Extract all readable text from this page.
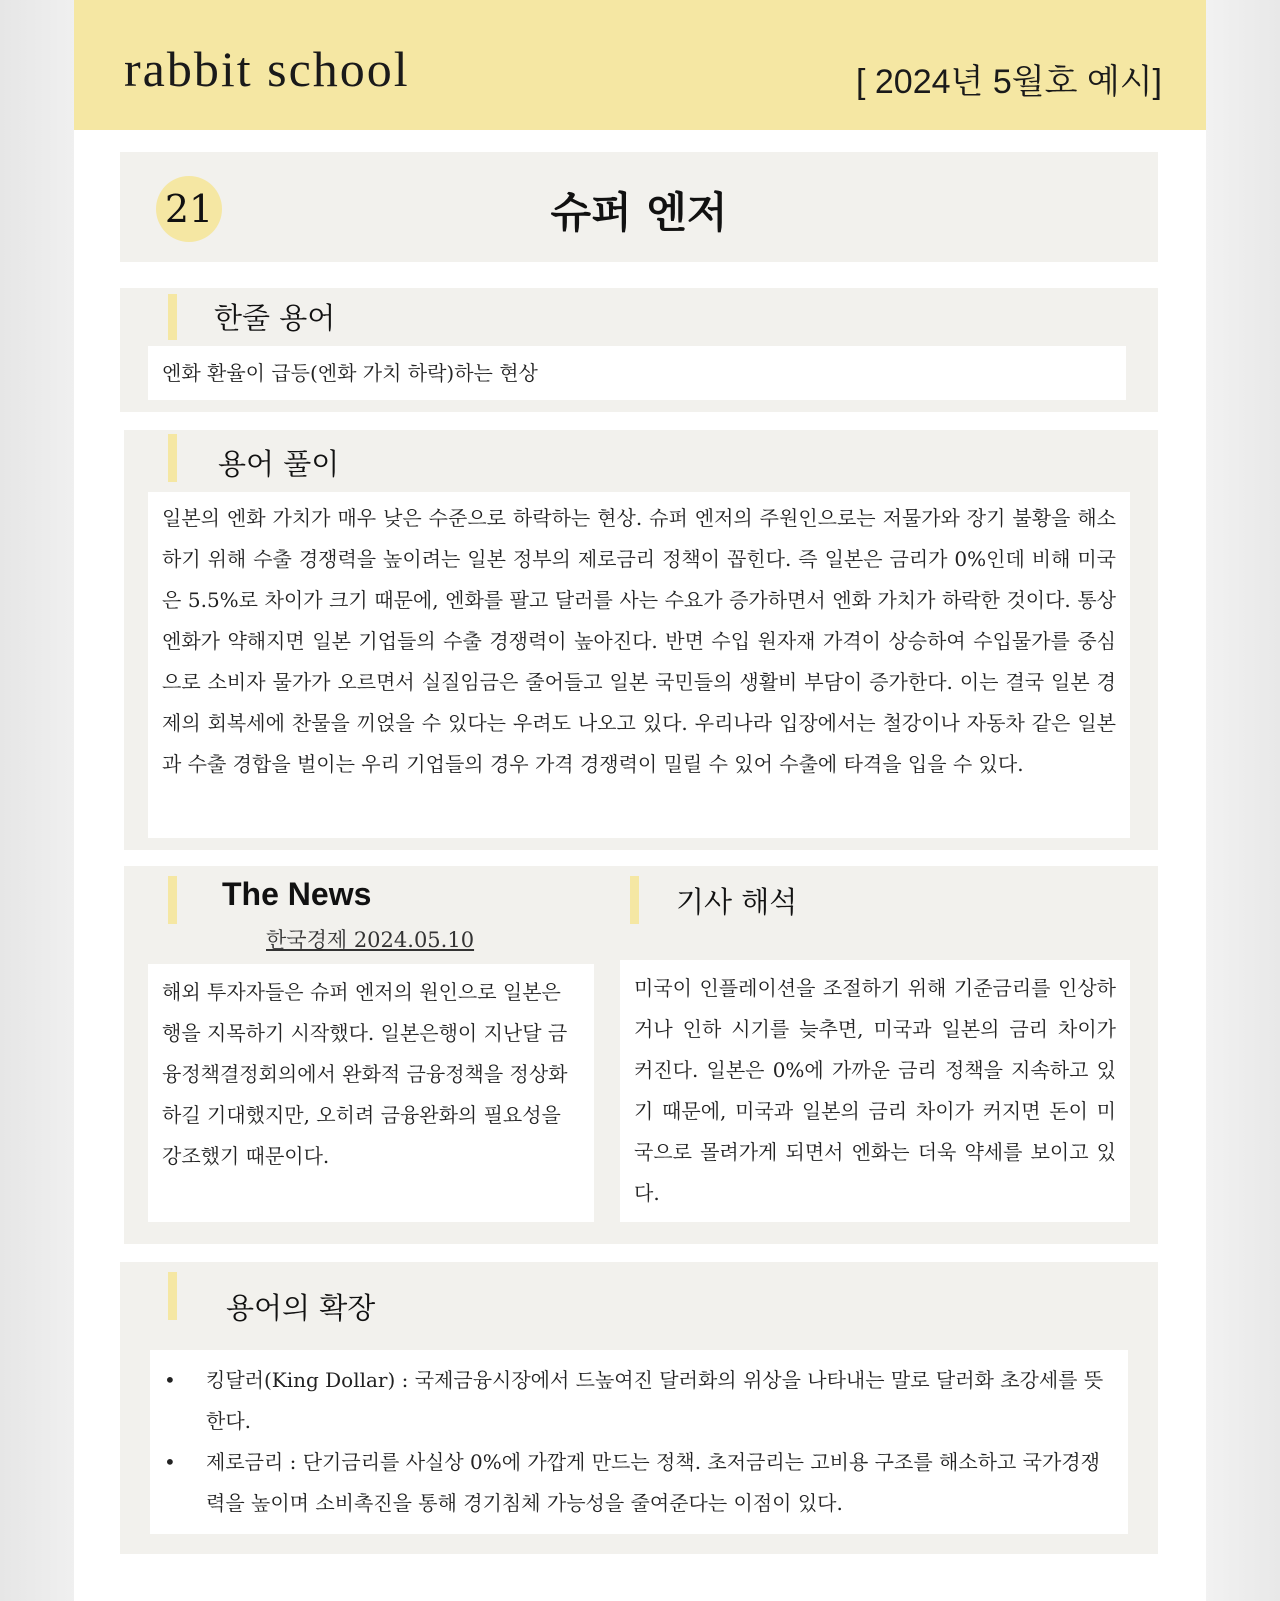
rabbit school	[ 2024년 5월호 예시]
21	슈퍼 엔저
한줄 용어
엔화 환율이 급등(엔화 가치 하락)하는 현상
용어 풀이
일본의 엔화 가치가 매우 낮은 수준으로 하락하는 현상. 슈퍼 엔저의 주원인으로는 저물가와 장기 불황을 해소하기 위해 수출 경쟁력을 높이려는 일본 정부의 제로금리 정책이 꼽힌다. 즉 일본은 금리가 0%인데 비해 미국은 5.5%로 차이가 크기 때문에, 엔화를 팔고 달러를 사는 수요가 증가하면서 엔화 가치가 하락한 것이다. 통상 엔화가 약해지면 일본 기업들의 수출 경쟁력이 높아진다. 반면 수입 원자재 가격이 상승하여 수입물가를 중심으로 소비자 물가가 오르면서 실질임금은 줄어들고 일본 국민들의 생활비 부담이 증가한다. 이는 결국 일본 경제의 회복세에 찬물을 끼얹을 수 있다는 우려도 나오고 있다. 우리나라 입장에서는 철강이나 자동차 같은 일본과 수출 경합을 벌이는 우리 기업들의 경우 가격 경쟁력이 밀릴 수 있어 수출에 타격을 입을 수 있다.
The News
한국경제 2024.05.10
해외 투자자들은 슈퍼 엔저의 원인으로 일본은행을 지목하기 시작했다. 일본은행이 지난달 금융정책결정회의에서 완화적 금융정책을 정상화하길 기대했지만, 오히려 금융완화의 필요성을 강조했기 때문이다.
기사 해석
미국이 인플레이션을 조절하기 위해 기준금리를 인상하거나 인하 시기를 늦추면, 미국과 일본의 금리 차이가 커진다. 일본은 0%에 가까운 금리 정책을 지속하고 있기 때문에, 미국과 일본의 금리 차이가 커지면 돈이 미국으로 몰려가게 되면서 엔화는 더욱 약세를 보이고 있다.
용어의 확장
• 킹달러(King Dollar) : 국제금융시장에서 드높여진 달러화의 위상을 나타내는 말로 달러화 초강세를 뜻한다.
• 제로금리 : 단기금리를 사실상 0%에 가깝게 만드는 정책. 초저금리는 고비용 구조를 해소하고 국가경쟁력을 높이며 소비촉진을 통해 경기침체 가능성을 줄여준다는 이점이 있다.
